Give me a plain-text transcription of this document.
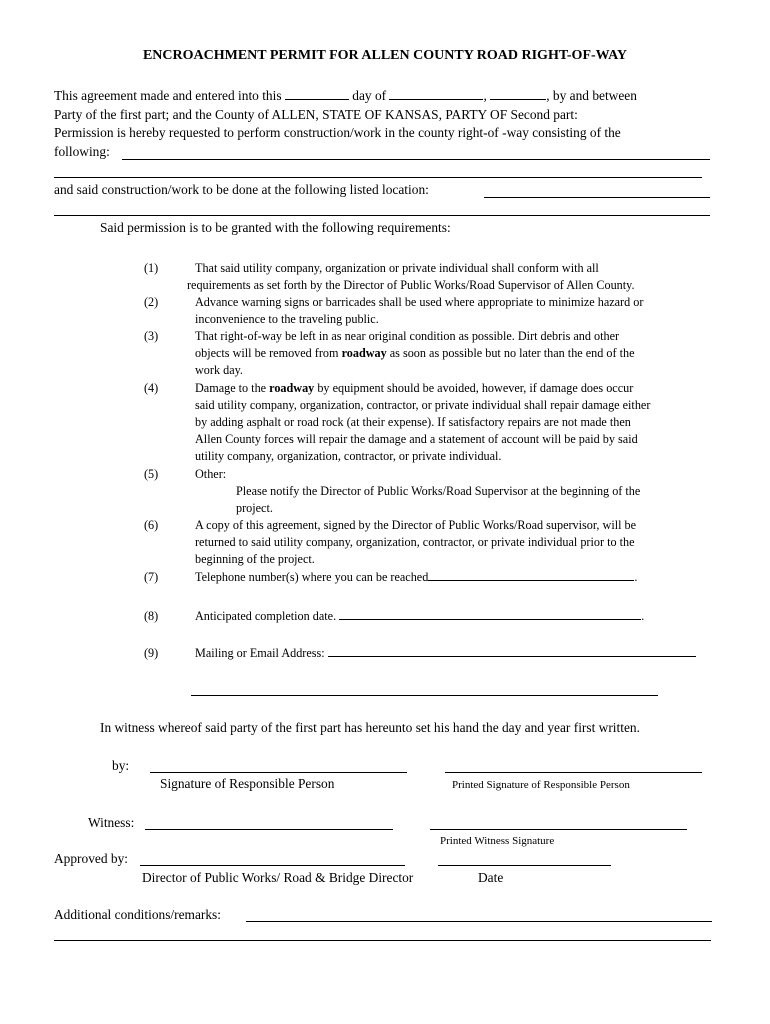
ENCROACHMENT PERMIT FOR ALLEN COUNTY ROAD RIGHT-OF-WAY
This agreement made and entered into this	day of	,	, by and between
Party of the first part; and the County of ALLEN, STATE OF KANSAS, PARTY OF Second part:
Permission is hereby requested to perform construction/work in the county right-of -way consisting of the
following:
and said construction/work to be done at the following listed location:
Said permission is to be granted with the following requirements:
(1)
(2)
(3)
(4)
(5)
(6)
(7)
(8)
(9)
That said utility company, organization or private individual shall conform with all
requirements as set forth by the Director of Public Works/Road Supervisor of Allen County.
Advance warning signs or barricades shall be used where appropriate to minimize hazard or
inconvenience to the traveling public.
That right-of-way be left in as near original condition as possible. Dirt debris and other
objects will be removed from roadway as soon as possible but no later than the end of the
work day.
Damage to the roadway by equipment should be avoided, however, if damage does occur
said utility company, organization, contractor, or private individual shall repair damage either
by adding asphalt or road rock (at their expense). If satisfactory repairs are not made then
Allen County forces will repair the damage and a statement of account will be paid by said
utility company, organization, contractor, or private individual.
Other:
Please notify the Director of Public Works/Road Supervisor at the beginning of the
project.
A copy of this agreement, signed by the Director of Public Works/Road supervisor, will be
returned to said utility company, organization, contractor, or private individual prior to the
beginning of the project.
Telephone number(s) where you can be reached	.
Anticipated completion date.	.
Mailing or Email Address:
In witness whereof said party of the first part has hereunto set his hand the day and year first written.
by:
Signature of Responsible Person	Printed Signature of Responsible Person
Witness:
Printed Witness Signature
Approved by:
Director of Public Works/ Road & Bridge Director	Date
Additional conditions/remarks:
